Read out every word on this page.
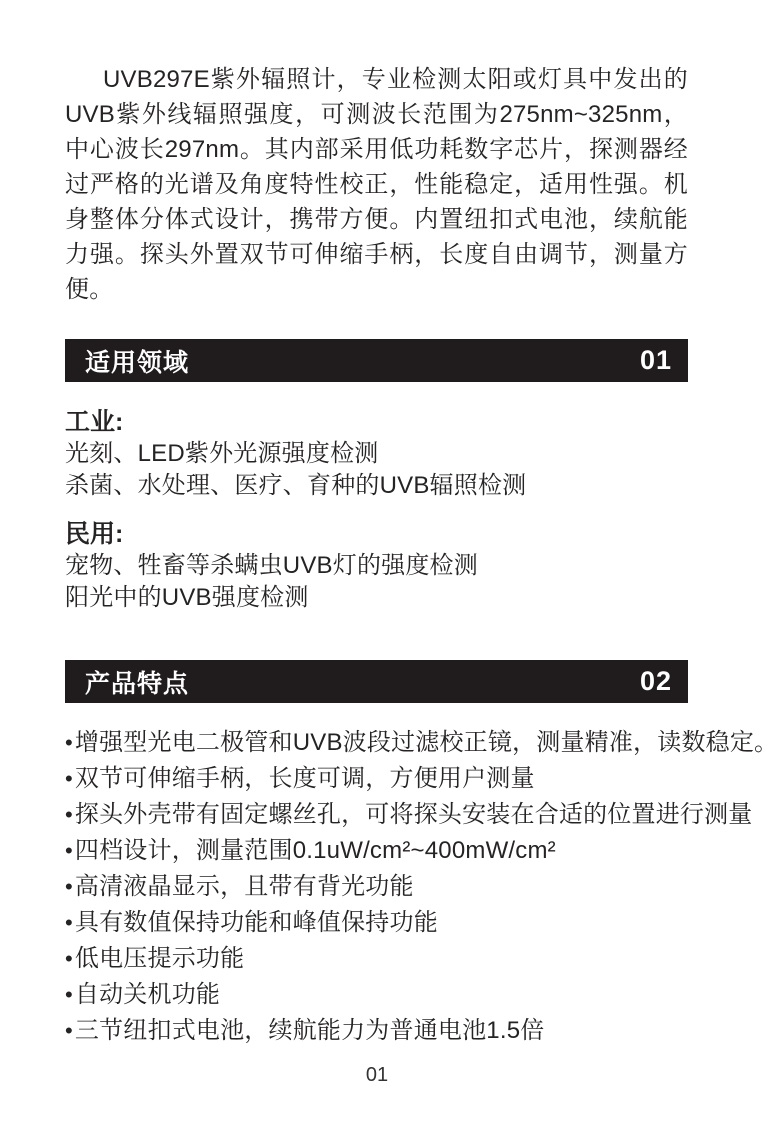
UVB297E紫外辐照计，专业检测太阳或灯具中发出的UVB紫外线辐照强度，可测波长范围为275nm~325nm，中心波长297nm。其内部采用低功耗数字芯片，探测器经过严格的光谱及角度特性校正，性能稳定，适用性强。机身整体分体式设计，携带方便。内置纽扣式电池，续航能力强。探头外置双节可伸缩手柄，长度自由调节，测量方便。

适用领域	01
工业:
光刻、LED紫外光源强度检测
杀菌、水处理、医疗、育种的UVB辐照检测
民用:
宠物、牲畜等杀螨虫UVB灯的强度检测
阳光中的UVB强度检测
产品特点	02
•增强型光电二极管和UVB波段过滤校正镜，测量精准，读数稳定。
•双节可伸缩手柄，长度可调，方便用户测量
•探头外壳带有固定螺丝孔，可将探头安装在合适的位置进行测量
•四档设计，测量范围0.1uW/cm²~400mW/cm²
•高清液晶显示，且带有背光功能
•具有数值保持功能和峰值保持功能
•低电压提示功能
•自动关机功能
•三节纽扣式电池，续航能力为普通电池1.5倍
01
